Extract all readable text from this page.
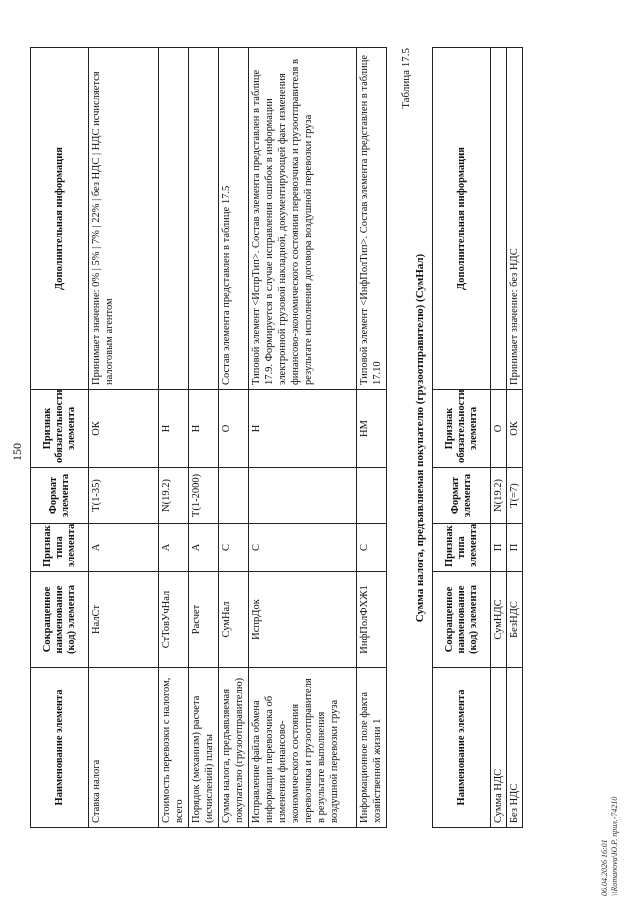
150
Наименование элемента	Сокращенное наименование (код) элемента	Признак типа элемента	Формат элемента	Признак обязательности элемента	Дополнительная информация
Ставка налога	НалСт	А	T(1-35)	ОК	Принимает значение: 0% | 5% | 7% | 22% | без НДС | НДС исчисляется налоговым агентом
Стоимость перевозки с налогом, всего	СтТовУчНал	А	N(19.2)	Н	
Порядок (механизм) расчета (исчислений) платы	Расчет	А	T(1-2000)	Н	
Сумма налога, предъявляемая покупателю (грузоотправителю)	СумНал	С		О	Состав элемента представлен в таблице 17.5
Исправление файла обмена информации перевозчика об изменении финансово-экономического состояния перевозчика и грузоотправителя в результате выполнения воздушной перевозки груза	ИспрДок	С		Н	Типовой элемент <ИспрТип>. Состав элемента представлен в таблице 17.9. Формируется в случае исправления ошибок в информации электронной грузовой накладной, документирующей факт изменения финансово-экономического состояния перевозчика и грузоотправителя в результате исполнения договора воздушной перевозки груза
Информационное поле факта хозяйственной жизни 1	ИнфПолФХЖ1	С		НМ	Типовой элемент <ИнфПолТип>. Состав элемента представлен в таблице 17.10
Таблица 17.5
Сумма налога, предъявляемая покупателю (грузоотправителю) (СумНал)
Наименование элемента	Сокращенное наименование (код) элемента	Признак типа элемента	Формат элемента	Признак обязательности элемента	Дополнительная информация
Сумма НДС	СумНДС	П	N(19.2)	О	
Без НДС	БезНДС	П	T(=7)	ОК	Принимает значение: без НДС
06.04.2026 16:01 \\Romanova\Ю.Р. прил.-74210
